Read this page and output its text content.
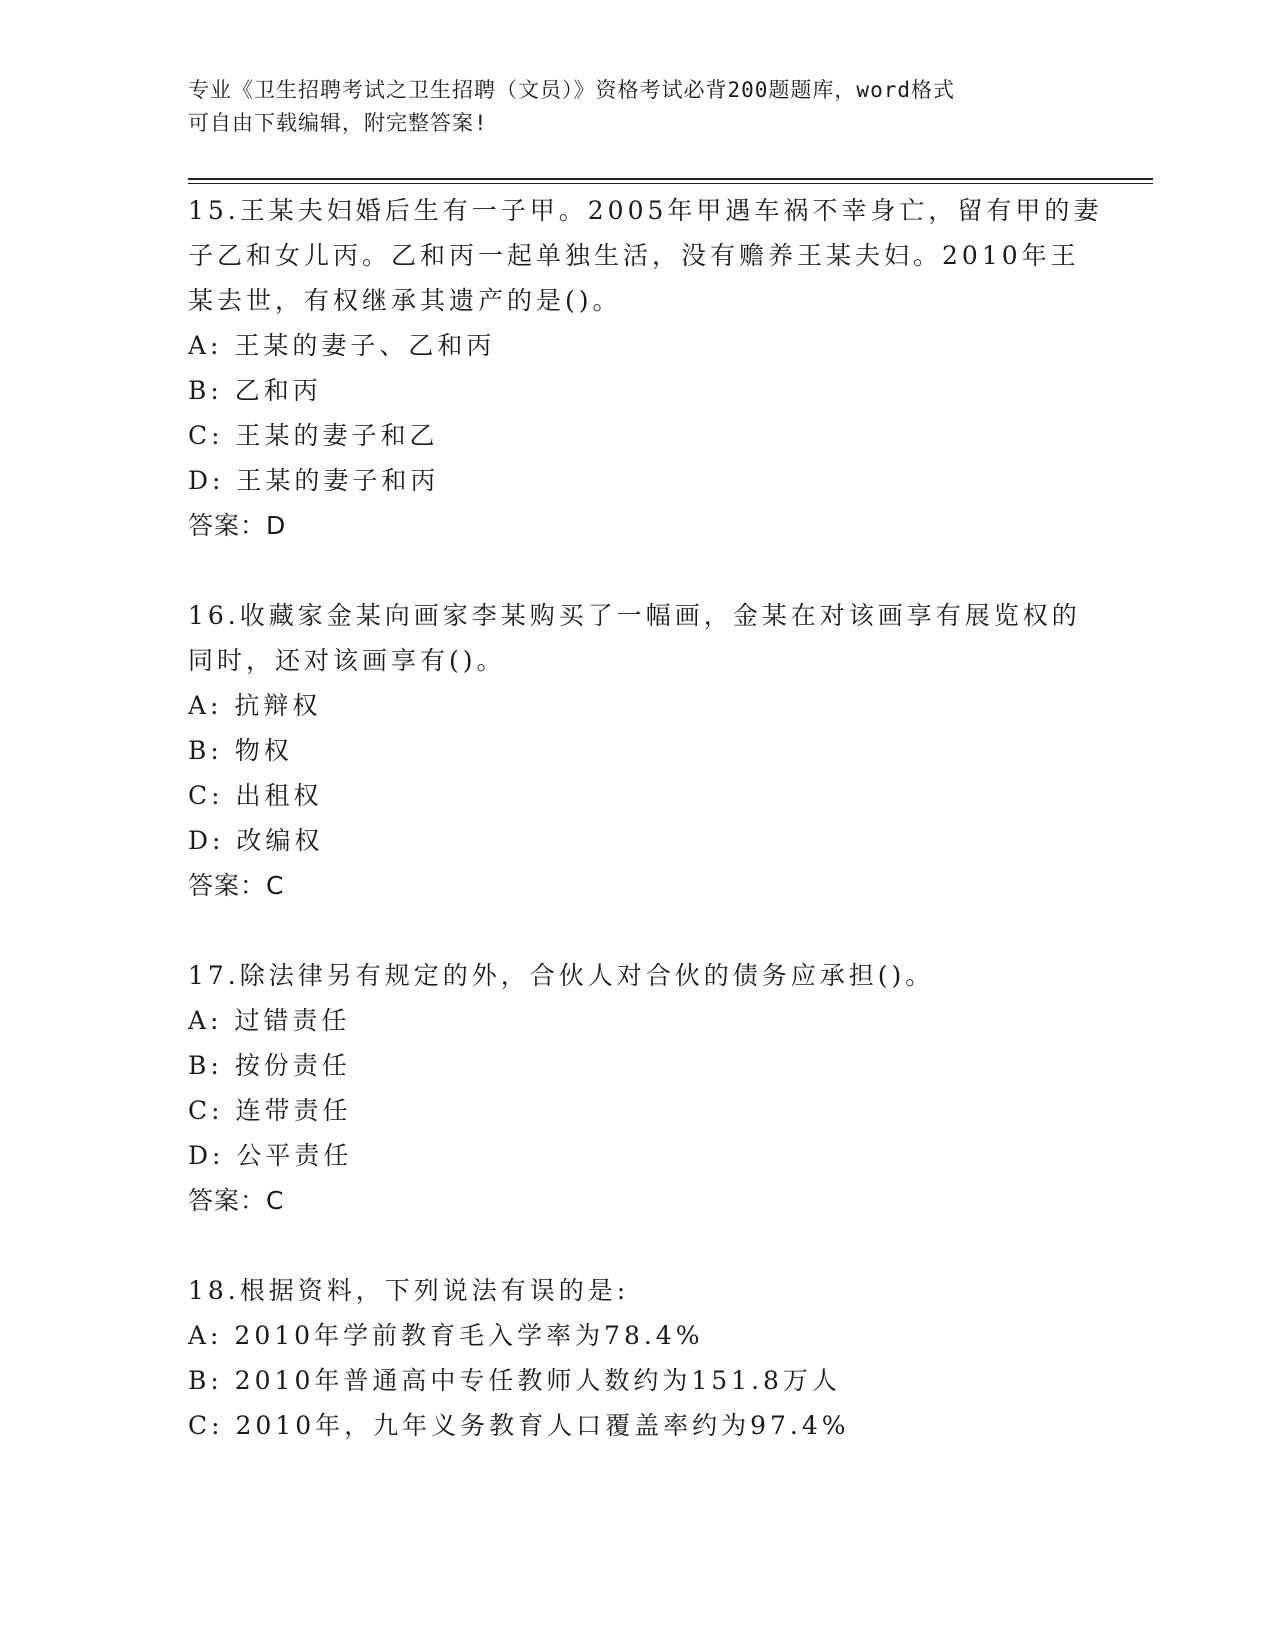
专业《卫生招聘考试之卫生招聘（文员）》资格考试必背200题题库，word格式
可自由下载编辑，附完整答案!
15.王某夫妇婚后生有一子甲。2005年甲遇车祸不幸身亡，留有甲的妻
子乙和女儿丙。乙和丙一起单独生活，没有赡养王某夫妇。2010年王
某去世，有权继承其遗产的是()。
A: 王某的妻子、乙和丙
B: 乙和丙
C: 王某的妻子和乙
D: 王某的妻子和丙
答案：D
16.收藏家金某向画家李某购买了一幅画，金某在对该画享有展览权的
同时，还对该画享有()。
A: 抗辩权
B: 物权
C: 出租权
D: 改编权
答案：C
17.除法律另有规定的外，合伙人对合伙的债务应承担()。
A: 过错责任
B: 按份责任
C: 连带责任
D: 公平责任
答案：C
18.根据资料，下列说法有误的是:
A: 2010年学前教育毛入学率为78.4%
B: 2010年普通高中专任教师人数约为151.8万人
C: 2010年，九年义务教育人口覆盖率约为97.4%
